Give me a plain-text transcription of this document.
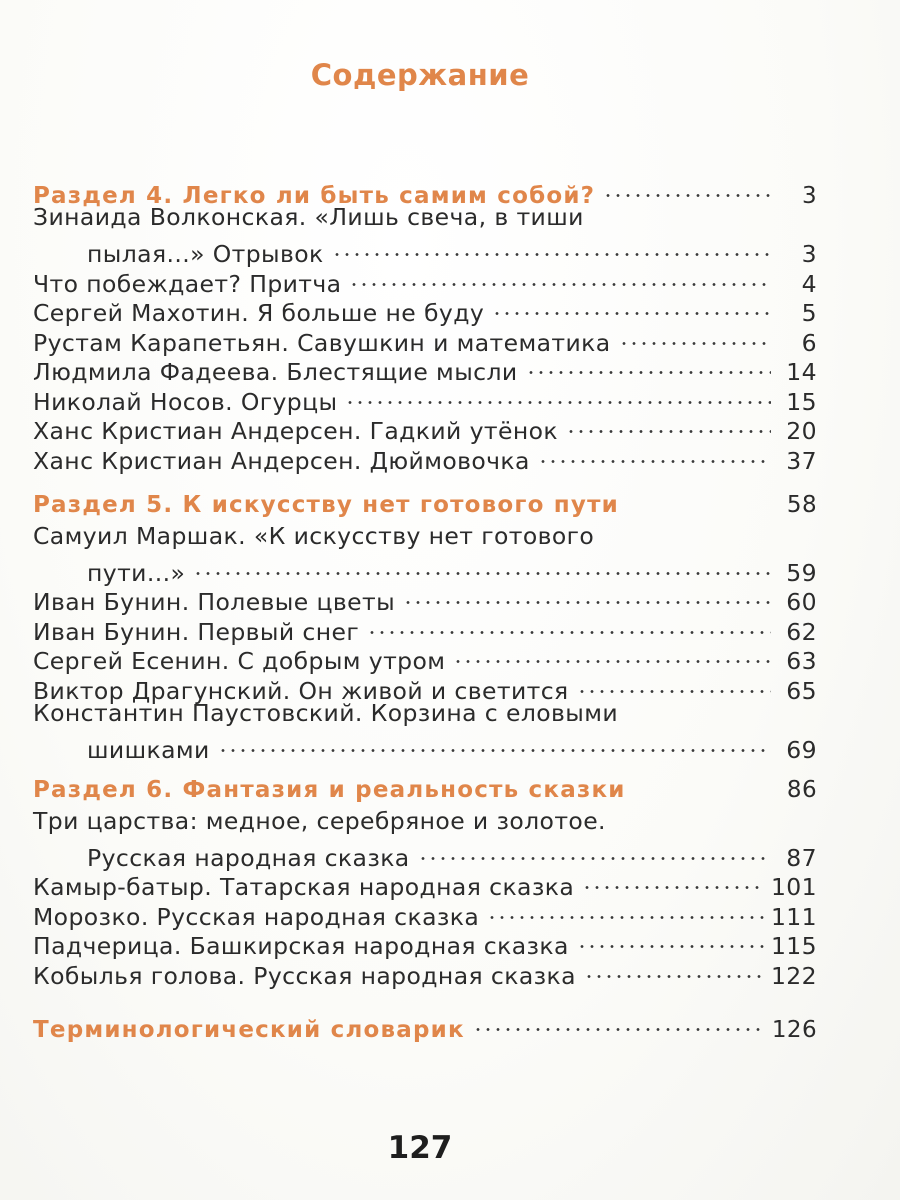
Содержание
Раздел 4. Легко ли быть самим собой?	3
Зинаида Волконская. «Лишь свеча, в тиши
пылая...» Отрывок	3
Что побеждает? Притча	4
Сергей Махотин. Я больше не буду	5
Рустам Карапетьян. Савушкин и математика	6
Людмила Фадеева. Блестящие мысли	14
Николай Носов. Огурцы	15
Ханс Кристиан Андерсен. Гадкий утёнок	20
Ханс Кристиан Андерсен. Дюймовочка	37
Раздел 5. К искусству нет готового пути	58
Самуил Маршак. «К искусству нет готового
пути...»	59
Иван Бунин. Полевые цветы	60
Иван Бунин. Первый снег	62
Сергей Есенин. С добрым утром	63
Виктор Драгунский. Он живой и светится	65
Константин Паустовский. Корзина с еловыми
шишками	69
Раздел 6. Фантазия и реальность сказки	86
Три царства: медное, серебряное и золотое.
Русская народная сказка	87
Камыр-батыр. Татарская народная сказка	101
Морозко. Русская народная сказка	111
Падчерица. Башкирская народная сказка	115
Кобылья голова. Русская народная сказка	122
Терминологический словарик	126
127
